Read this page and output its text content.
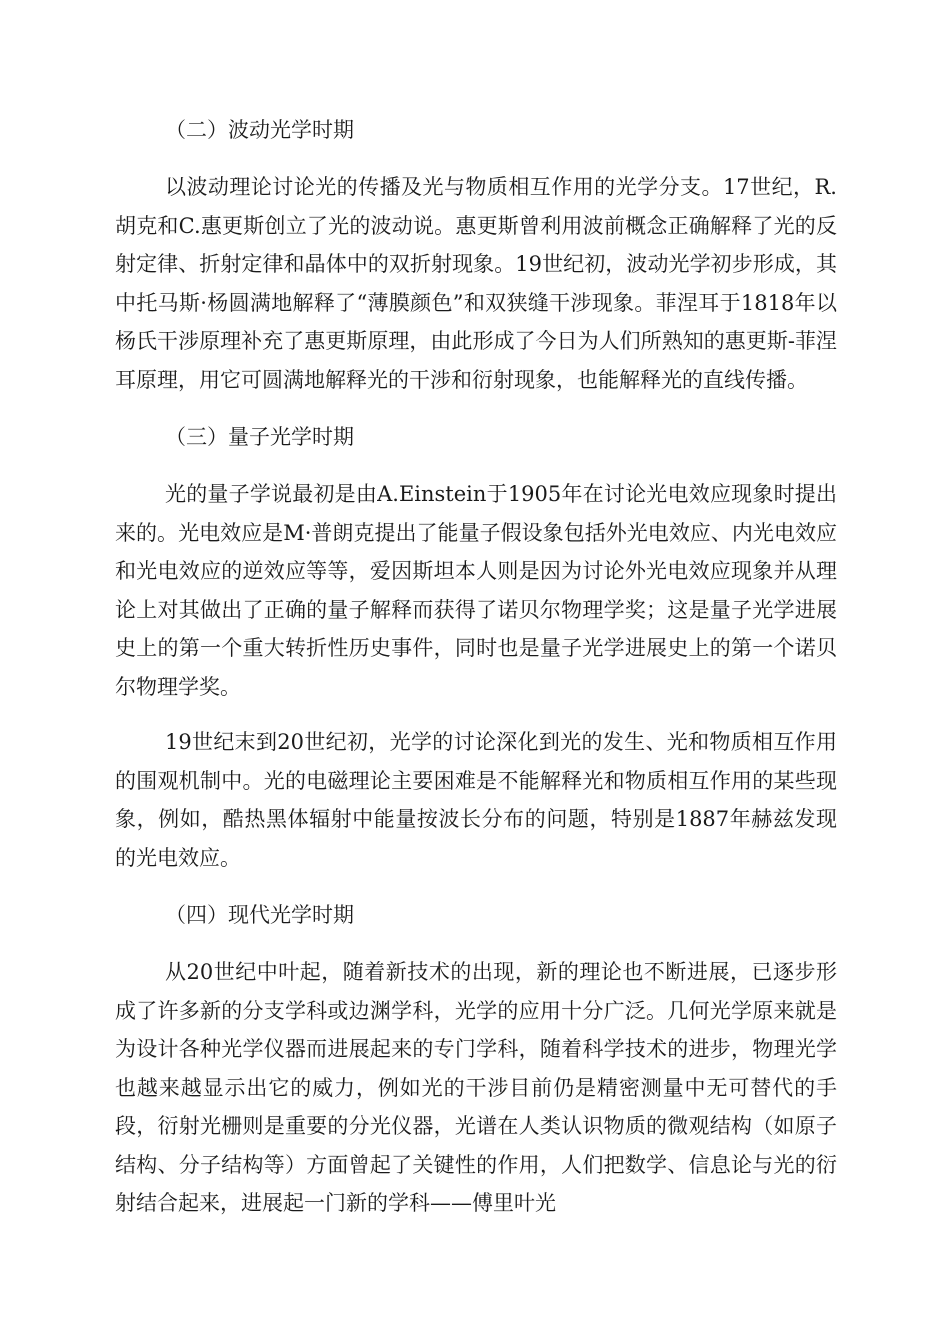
（二）波动光学时期

以波动理论讨论光的传播及光与物质相互作用的光学分支。17世纪，R.胡克和C.惠更斯创立了光的波动说。惠更斯曾利用波前概念正确解释了光的反射定律、折射定律和晶体中的双折射现象。19世纪初，波动光学初步形成，其中托马斯·杨圆满地解释了“薄膜颜色”和双狭缝干涉现象。菲涅耳于1818年以杨氏干涉原理补充了惠更斯原理，由此形成了今日为人们所熟知的惠更斯-菲涅耳原理，用它可圆满地解释光的干涉和衍射现象，也能解释光的直线传播。

（三）量子光学时期

光的量子学说最初是由A.Einstein于1905年在讨论光电效应现象时提出来的。光电效应是M·普朗克提出了能量子假设象包括外光电效应、内光电效应和光电效应的逆效应等等，爱因斯坦本人则是因为讨论外光电效应现象并从理论上对其做出了正确的量子解释而获得了诺贝尔物理学奖；这是量子光学进展史上的第一个重大转折性历史事件，同时也是量子光学进展史上的第一个诺贝尔物理学奖。

19世纪末到20世纪初，光学的讨论深化到光的发生、光和物质相互作用的围观机制中。光的电磁理论主要困难是不能解释光和物质相互作用的某些现象，例如，酷热黑体辐射中能量按波长分布的问题，特别是1887年赫兹发现的光电效应。

（四）现代光学时期

从20世纪中叶起，随着新技术的出现，新的理论也不断进展，已逐步形成了许多新的分支学科或边渊学科，光学的应用十分广泛。几何光学原来就是为设计各种光学仪器而进展起来的专门学科，随着科学技术的进步，物理光学也越来越显示出它的威力，例如光的干涉目前仍是精密测量中无可替代的手段，衍射光栅则是重要的分光仪器，光谱在人类认识物质的微观结构（如原子结构、分子结构等）方面曾起了关键性的作用，人们把数学、信息论与光的衍射结合起来，进展起一门新的学科——傅里叶光
